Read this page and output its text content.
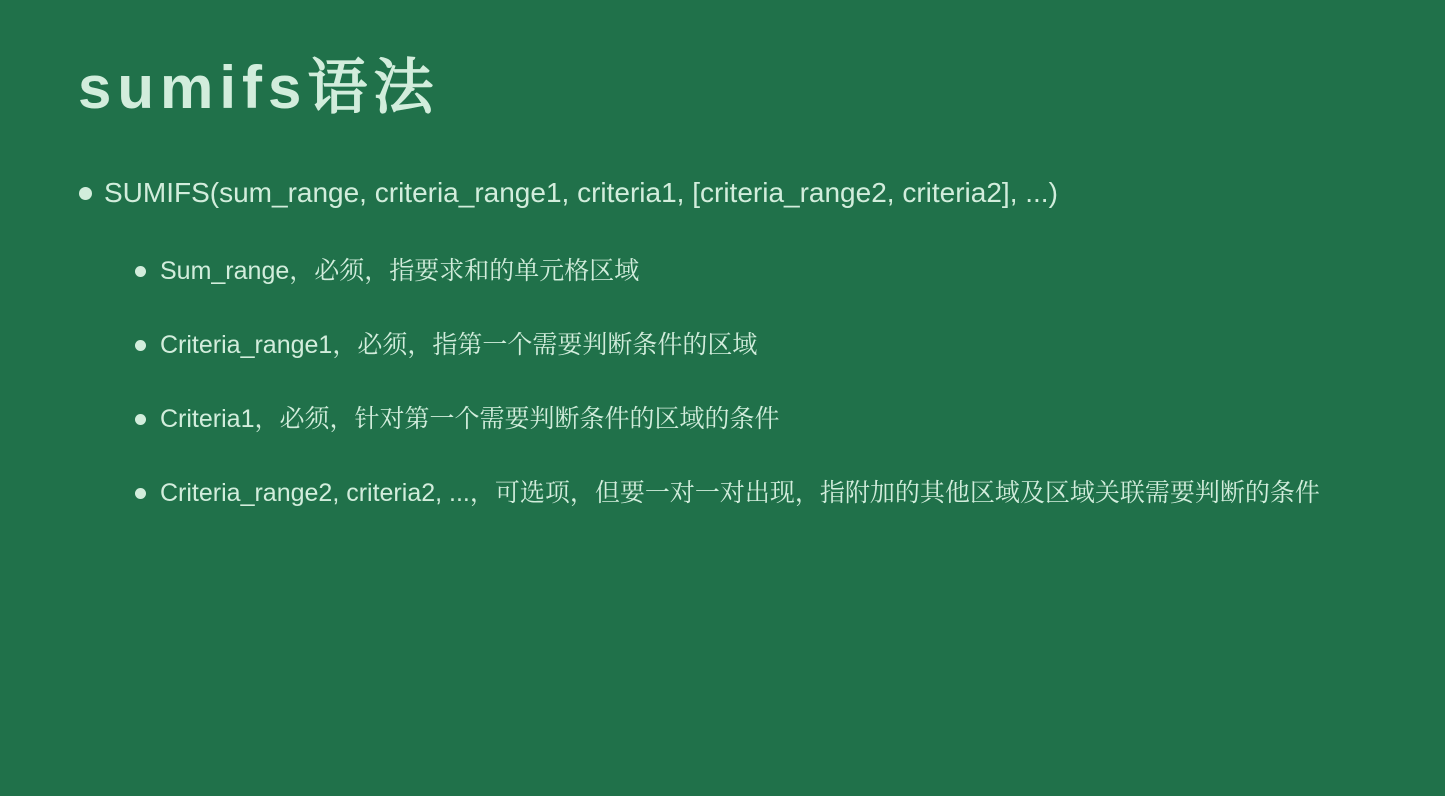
sumifs语法
SUMIFS(sum_range, criteria_range1, criteria1, [criteria_range2, criteria2], ...)
Sum_range，必须，指要求和的单元格区域
Criteria_range1，必须，指第一个需要判断条件的区域
Criteria1，必须，针对第一个需要判断条件的区域的条件
Criteria_range2, criteria2, ...，可选项，但要一对一对出现，指附加的其他区域及区域关联需要判断的条件
